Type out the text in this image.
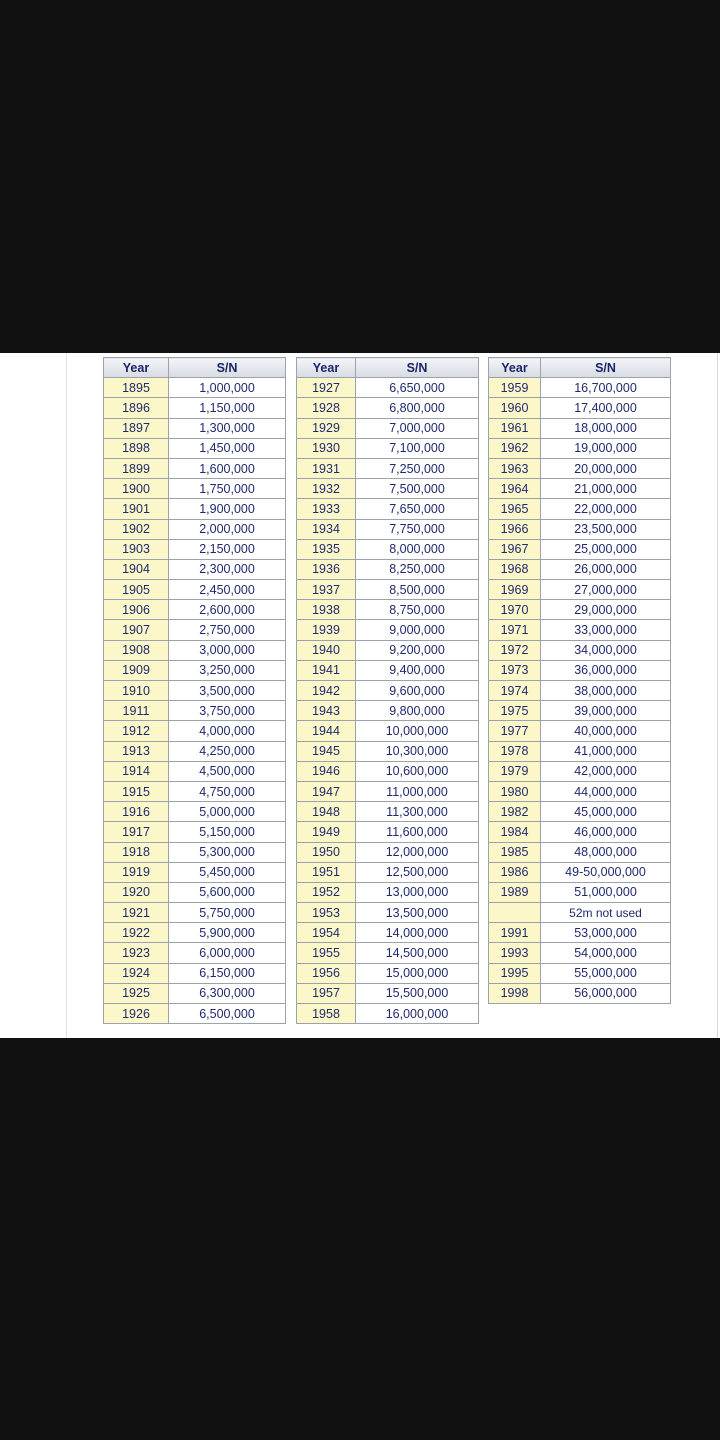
Year	S/N
1895	1,000,000
1896	1,150,000
1897	1,300,000
1898	1,450,000
1899	1,600,000
1900	1,750,000
1901	1,900,000
1902	2,000,000
1903	2,150,000
1904	2,300,000
1905	2,450,000
1906	2,600,000
1907	2,750,000
1908	3,000,000
1909	3,250,000
1910	3,500,000
1911	3,750,000
1912	4,000,000
1913	4,250,000
1914	4,500,000
1915	4,750,000
1916	5,000,000
1917	5,150,000
1918	5,300,000
1919	5,450,000
1920	5,600,000
1921	5,750,000
1922	5,900,000
1923	6,000,000
1924	6,150,000
1925	6,300,000
1926	6,500,000
Year	S/N
1927	6,650,000
1928	6,800,000
1929	7,000,000
1930	7,100,000
1931	7,250,000
1932	7,500,000
1933	7,650,000
1934	7,750,000
1935	8,000,000
1936	8,250,000
1937	8,500,000
1938	8,750,000
1939	9,000,000
1940	9,200,000
1941	9,400,000
1942	9,600,000
1943	9,800,000
1944	10,000,000
1945	10,300,000
1946	10,600,000
1947	11,000,000
1948	11,300,000
1949	11,600,000
1950	12,000,000
1951	12,500,000
1952	13,000,000
1953	13,500,000
1954	14,000,000
1955	14,500,000
1956	15,000,000
1957	15,500,000
1958	16,000,000
Year	S/N
1959	16,700,000
1960	17,400,000
1961	18,000,000
1962	19,000,000
1963	20,000,000
1964	21,000,000
1965	22,000,000
1966	23,500,000
1967	25,000,000
1968	26,000,000
1969	27,000,000
1970	29,000,000
1971	33,000,000
1972	34,000,000
1973	36,000,000
1974	38,000,000
1975	39,000,000
1977	40,000,000
1978	41,000,000
1979	42,000,000
1980	44,000,000
1982	45,000,000
1984	46,000,000
1985	48,000,000
1986	49-50,000,000
1989	51,000,000
	52m not used
1991	53,000,000
1993	54,000,000
1995	55,000,000
1998	56,000,000
